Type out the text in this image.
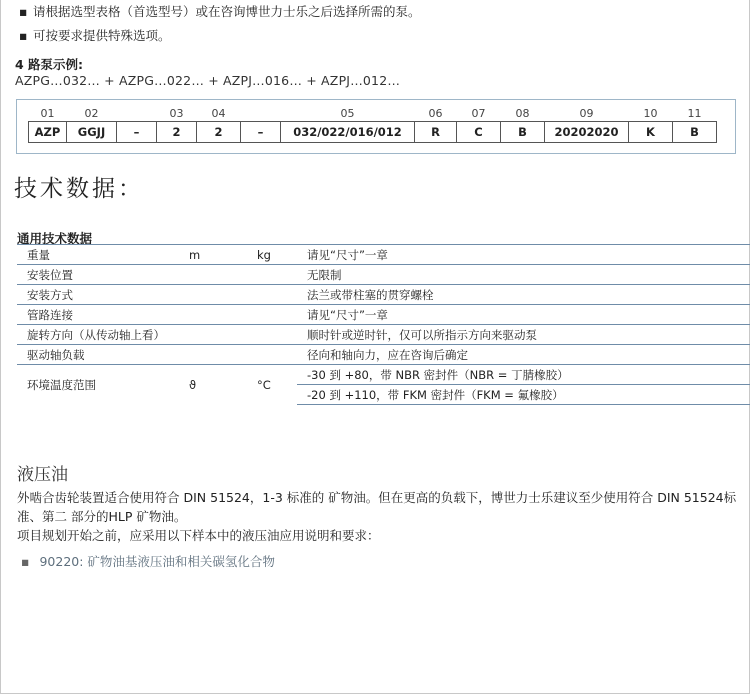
▪ 请根据选型表格（首选型号）或在咨询博世力士乐之后选择所需的泵。
▪ 可按要求提供特殊选项。
4 路泵示例:
AZPG…032… + AZPG…022… + AZPJ…016… + AZPJ…012…
01	02		03	04		05	06	07	08	09	10	11
AZP	GGJJ	–	2	2	–	032/022/016/012	R	C	B	20202020	K	B
技术数据：
通用技术数据
重量	m	kg	请见“尺寸”一章
安装位置			无限制
安装方式			法兰或带柱塞的贯穿螺栓
管路连接			请见“尺寸”一章
旋转方向（从传动轴上看）			顺时针或逆时针，仅可以所指示方向来驱动泵
驱动轴负载			径向和轴向力，应在咨询后确定
环境温度范围	ϑ	°C	-30 到 +80，带 NBR 密封件（NBR = 丁腈橡胶）
			-20 到 +110，带 FKM 密封件（FKM = 氟橡胶）
液压油
外啮合齿轮装置适合使用符合 DIN 51524，1-3 标准的 矿物油。但在更高的负载下，博世力士乐建议至少使用符合 DIN 51524标准、第二 部分的HLP 矿物油。
项目规划开始之前，应采用以下样本中的液压油应用说明和要求：
▪ 90220: 矿物油基液压油和相关碳氢化合物
